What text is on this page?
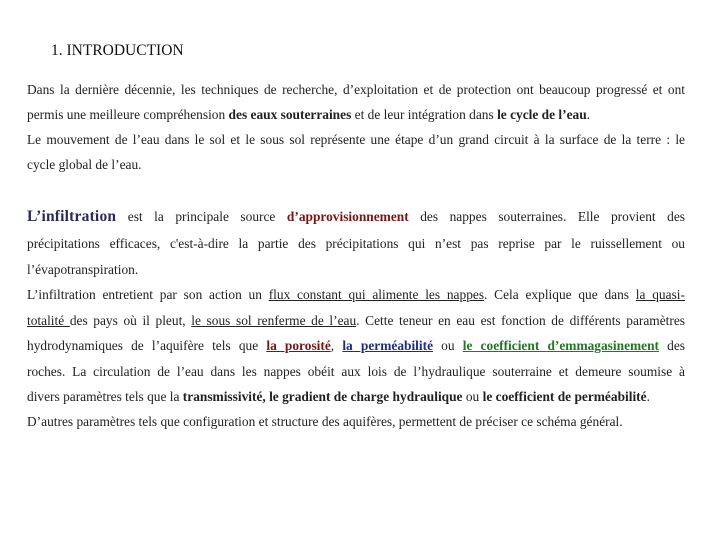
1. INTRODUCTION
Dans la dernière décennie, les techniques de recherche, d’exploitation et de protection ont beaucoup progressé et ont
permis une meilleure compréhension des eaux souterraines et de leur intégration dans le cycle de l’eau.
Le mouvement de l’eau dans le sol et le sous sol représente une étape d’un grand circuit à la surface de la terre : le
cycle global de l’eau.
L’infiltration est la principale source d’approvisionnement des nappes souterraines. Elle provient des
précipitations efficaces, c'est-à-dire la partie des précipitations qui n’est pas reprise par le ruissellement ou
l’évapotranspiration.
L’infiltration entretient par son action un flux constant qui alimente les nappes. Cela explique que dans la quasi-
totalité des pays où il pleut, le sous sol renferme de l’eau. Cette teneur en eau est fonction de différents paramètres
hydrodynamiques de l’aquifère tels que la porosité, la perméabilité ou le coefficient d’emmagasinement des
roches. La circulation de l’eau dans les nappes obéit aux lois de l’hydraulique souterraine et demeure soumise à
divers paramètres tels que la transmissivité, le gradient de charge hydraulique ou le coefficient de perméabilité.
D’autres paramètres tels que configuration et structure des aquifères, permettent de préciser ce schéma général.
